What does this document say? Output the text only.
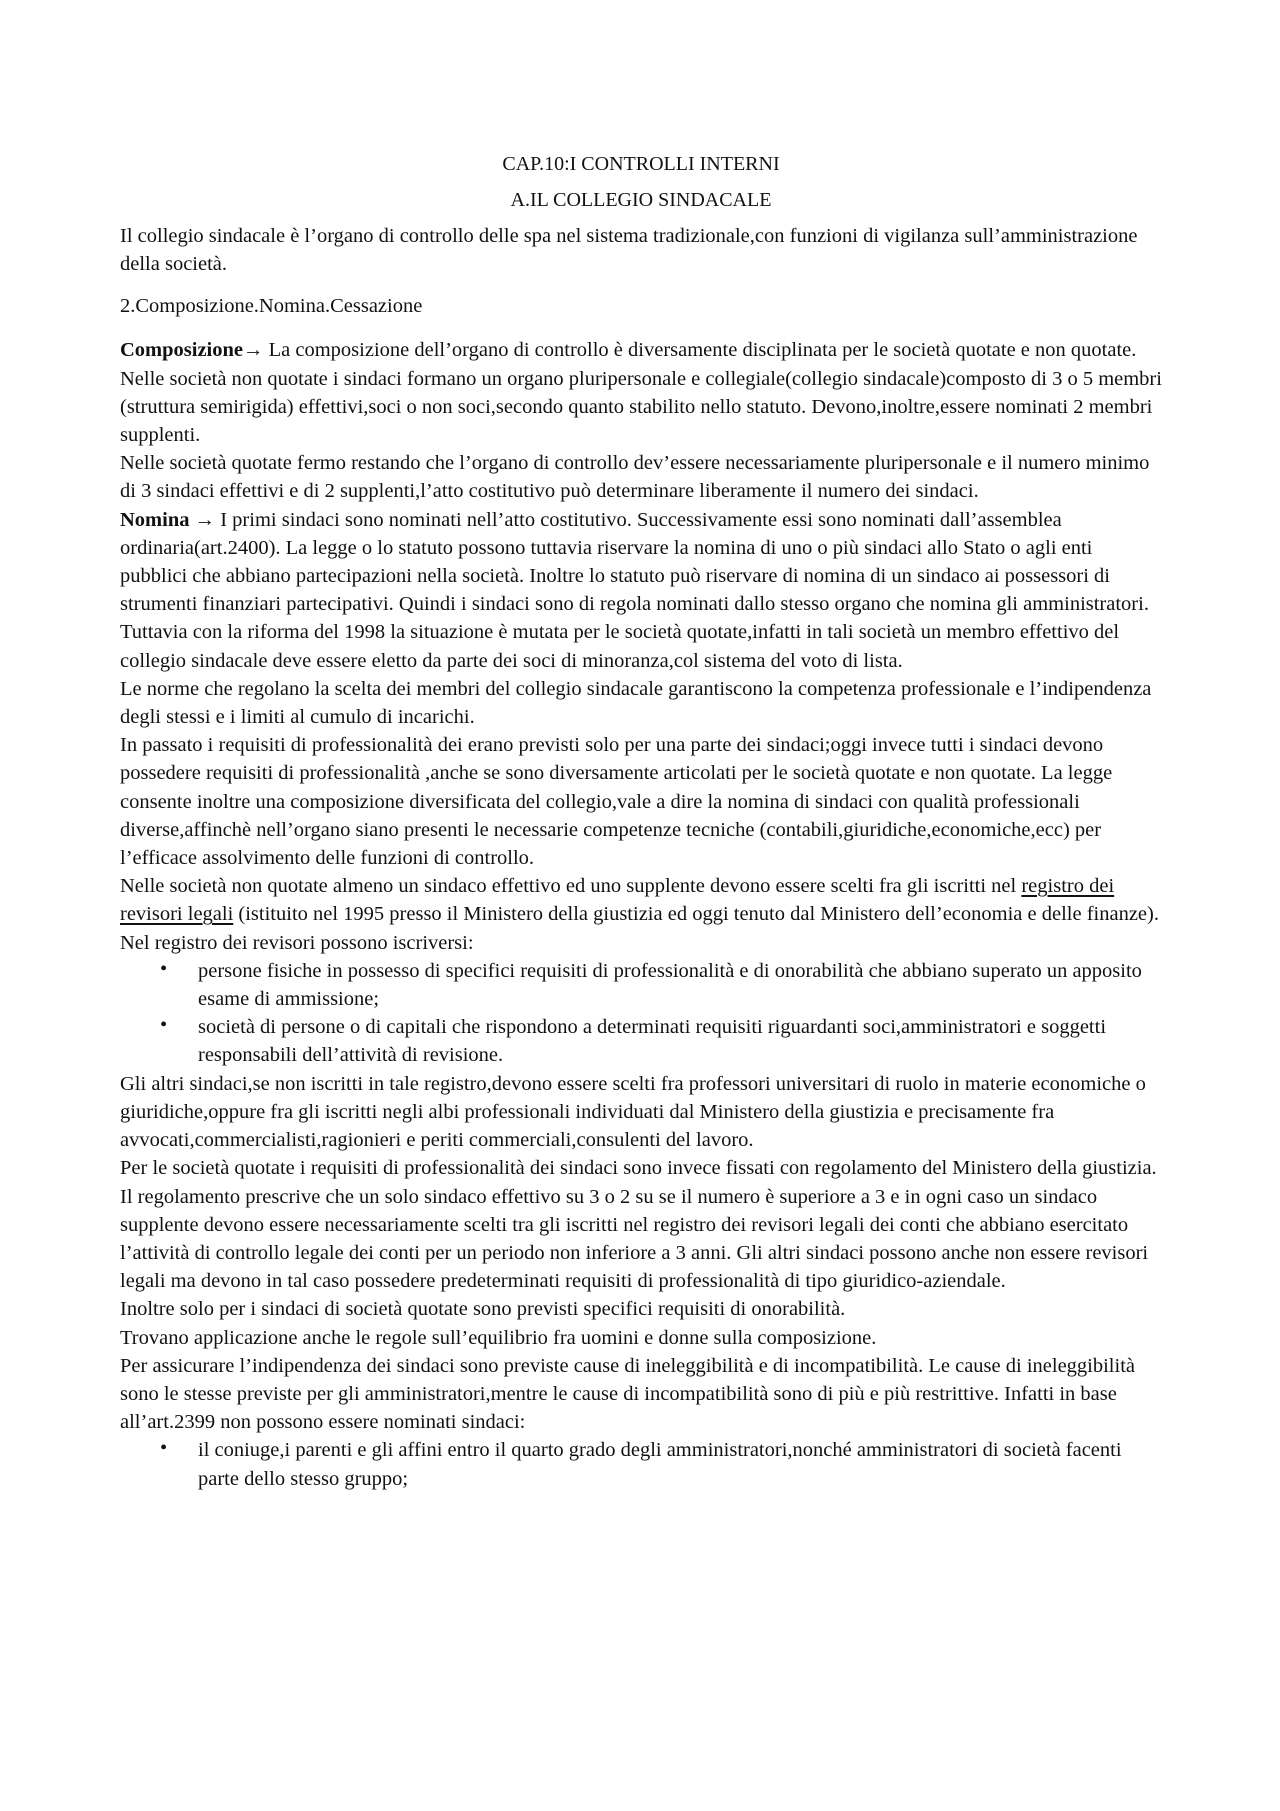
CAP.10:I CONTROLLI INTERNI

A.IL COLLEGIO SINDACALE

Il collegio sindacale è l’organo di controllo delle spa nel sistema tradizionale,con funzioni di vigilanza sull’amministrazione della società.

2.Composizione.Nomina.Cessazione

Composizione→ La composizione dell’organo di controllo è diversamente disciplinata per le società quotate e non quotate.

Nelle società non quotate i sindaci formano un organo pluripersonale e collegiale(collegio sindacale)composto di 3 o 5 membri (struttura semirigida) effettivi,soci o non soci,secondo quanto stabilito nello statuto. Devono,inoltre,essere nominati 2 membri supplenti.

Nelle società quotate fermo restando che l’organo di controllo dev’essere necessariamente pluripersonale e il numero minimo di 3 sindaci effettivi e di 2 supplenti,l’atto costitutivo può determinare liberamente il numero dei sindaci.

Nomina → I primi sindaci sono nominati nell’atto costitutivo. Successivamente essi sono nominati dall’assemblea ordinaria(art.2400). La legge o lo statuto possono tuttavia riservare la nomina di uno o più sindaci allo Stato o agli enti pubblici che abbiano partecipazioni nella società. Inoltre lo statuto può riservare di nomina di un sindaco ai possessori di strumenti finanziari partecipativi. Quindi i sindaci sono di regola nominati dallo stesso organo che nomina gli amministratori.

Tuttavia con la riforma del 1998 la situazione è mutata per le società quotate,infatti in tali società un membro effettivo del collegio sindacale deve essere eletto da parte dei soci di minoranza,col sistema del voto di lista.

Le norme che regolano la scelta dei membri del collegio sindacale garantiscono la competenza professionale e l’indipendenza degli stessi e i limiti al cumulo di incarichi.

In passato i requisiti di professionalità dei erano previsti solo per una parte dei sindaci;oggi invece tutti i sindaci devono possedere requisiti di professionalità ,anche se sono diversamente articolati per le società quotate e non quotate. La legge consente inoltre una composizione diversificata del collegio,vale a dire la nomina di sindaci con qualità professionali diverse,affinchè nell’organo siano presenti le necessarie competenze tecniche (contabili,giuridiche,economiche,ecc) per l’efficace assolvimento delle funzioni di controllo.

Nelle società non quotate almeno un sindaco effettivo ed uno supplente devono essere scelti fra gli iscritti nel registro dei revisori legali (istituito nel 1995 presso il Ministero della giustizia ed oggi tenuto dal Ministero dell’economia e delle finanze). Nel registro dei revisori possono iscriversi:

• persone fisiche in possesso di specifici requisiti di professionalità e di onorabilità che abbiano superato un apposito esame di ammissione;
• società di persone o di capitali che rispondono a determinati requisiti riguardanti soci,amministratori e soggetti responsabili dell’attività di revisione.

Gli altri sindaci,se non iscritti in tale registro,devono essere scelti fra professori universitari di ruolo in materie economiche o giuridiche,oppure fra gli iscritti negli albi professionali individuati dal Ministero della giustizia e precisamente fra avvocati,commercialisti,ragionieri e periti commerciali,consulenti del lavoro.

Per le società quotate i requisiti di professionalità dei sindaci sono invece fissati con regolamento del Ministero della giustizia. Il regolamento prescrive che un solo sindaco effettivo su 3 o 2 su se il numero è superiore a 3 e in ogni caso un sindaco supplente devono essere necessariamente scelti tra gli iscritti nel registro dei revisori legali dei conti che abbiano esercitato l’attività di controllo legale dei conti per un periodo non inferiore a 3 anni. Gli altri sindaci possono anche non essere revisori legali ma devono in tal caso possedere predeterminati requisiti di professionalità di tipo giuridico-aziendale.

Inoltre solo per i sindaci di società quotate sono previsti specifici requisiti di onorabilità.

Trovano applicazione anche le regole sull’equilibrio fra uomini e donne sulla composizione.

Per assicurare l’indipendenza dei sindaci sono previste cause di ineleggibilità e di incompatibilità. Le cause di ineleggibilità sono le stesse previste per gli amministratori,mentre le cause di incompatibilità sono di più e più restrittive. Infatti in base all’art.2399 non possono essere nominati sindaci:

• il coniuge,i parenti e gli affini entro il quarto grado degli amministratori,nonché amministratori di società facenti parte dello stesso gruppo;
